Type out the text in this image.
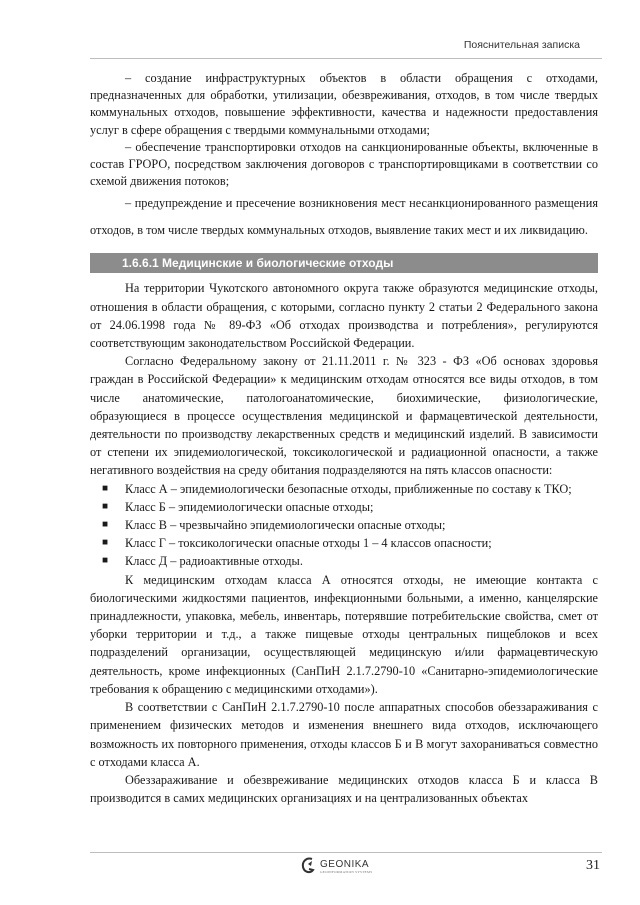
Пояснительная записка

– создание инфраструктурных объектов в области обращения с отходами, предназначенных для обработки, утилизации, обезвреживания, отходов, в том числе твердых коммунальных отходов, повышение эффективности, качества и надежности предоставления услуг в сфере обращения с твердыми коммунальными отходами;

– обеспечение транспортировки отходов на санкционированные объекты, включенные в состав ГРОРО, посредством заключения договоров с транспортировщиками в соответствии со схемой движения потоков;

– предупреждение и пресечение возникновения мест несанкционированного размещения отходов, в том числе твердых коммунальных отходов, выявление таких мест и их ликвидацию.

1.6.6.1 Медицинские и биологические отходы

На территории Чукотского автономного округа также образуются медицинские отходы, отношения в области обращения, с которыми, согласно пункту 2 статьи 2 Федерального закона от 24.06.1998 года № 89-ФЗ «Об отходах производства и потребления», регулируются соответствующим законодательством Российской Федерации.

Согласно Федеральному закону от 21.11.2011 г. № 323 - ФЗ «Об основах здоровья граждан в Российской Федерации» к медицинским отходам относятся все виды отходов, в том числе анатомические, патологоанатомические, биохимические, физиологические, образующиеся в процессе осуществления медицинской и фармацевтической деятельности, деятельности по производству лекарственных средств и медицинский изделий. В зависимости от степени их эпидемиологической, токсикологической и радиационной опасности, а также негативного воздействия на среду обитания подразделяются на пять классов опасности:

■ Класс А – эпидемиологически безопасные отходы, приближенные по составу к ТКО;
■ Класс Б – эпидемиологически опасные отходы;
■ Класс В – чрезвычайно эпидемиологически опасные отходы;
■ Класс Г – токсикологически опасные отходы 1 – 4 классов опасности;
■ Класс Д – радиоактивные отходы.

К медицинским отходам класса А относятся отходы, не имеющие контакта с биологическими жидкостями пациентов, инфекционными больными, а именно, канцелярские принадлежности, упаковка, мебель, инвентарь, потерявшие потребительские свойства, смет от уборки территории и т.д., а также пищевые отходы центральных пищеблоков и всех подразделений организации, осуществляющей медицинскую и/или фармацевтическую деятельность, кроме инфекционных (СанПиН 2.1.7.2790-10 «Санитарно-эпидемиологические требования к обращению с медицинскими отходами»).

В соответствии с СанПиН 2.1.7.2790-10 после аппаратных способов обеззараживания с применением физических методов и изменения внешнего вида отходов, исключающего возможность их повторного применения, отходы классов Б и В могут захораниваться совместно с отходами класса А.

Обеззараживание и обезвреживание медицинских отходов класса Б и класса В производится в самих медицинских организациях и на централизованных объектах

GEONIKA
GEOINFORMATION SYSTEMS	31
